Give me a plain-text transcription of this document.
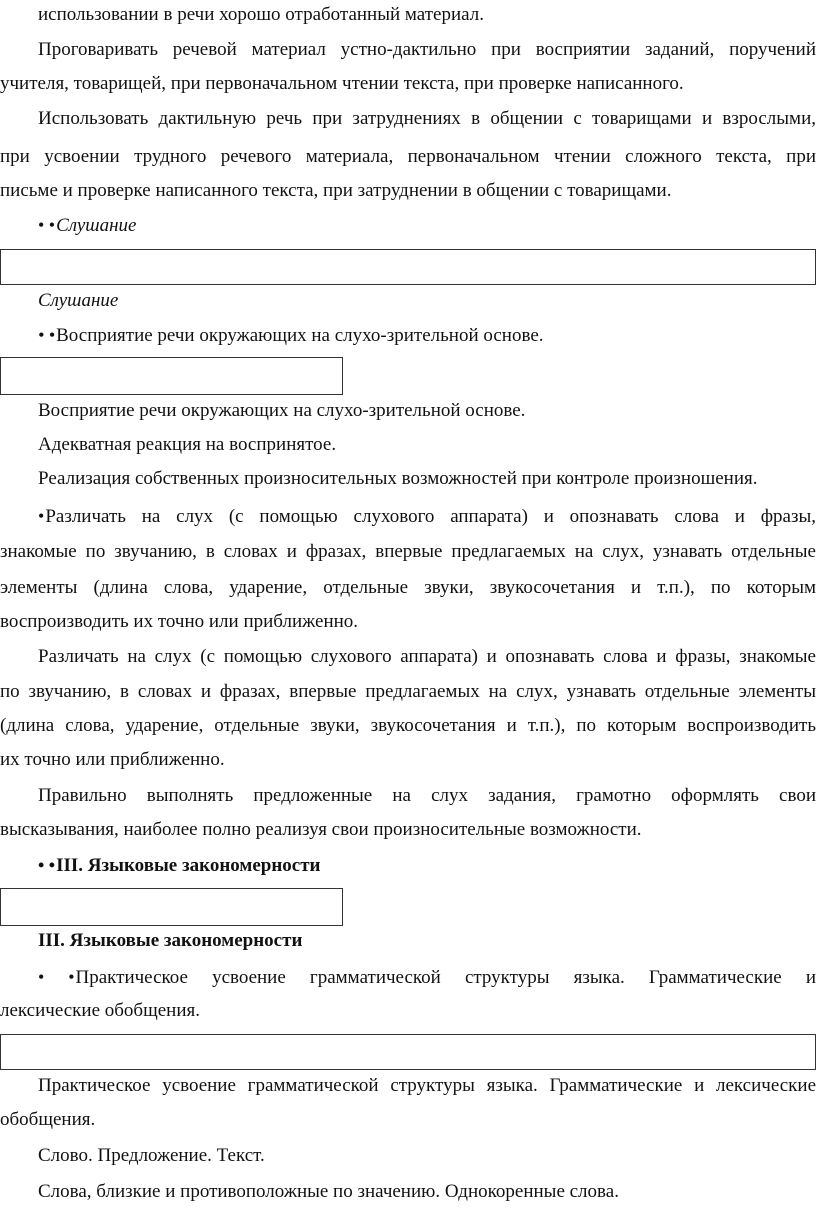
использовании в речи хорошо отработанный материал.
Проговаривать речевой материал устно-дактильно при восприятии заданий, поручений
учителя, товарищей, при первоначальном чтении текста, при проверке написанного.
Использовать дактильную речь при затруднениях в общении с товарищами и взрослыми,
при усвоении трудного речевого материала, первоначальном чтении сложного текста, при
письме и проверке написанного текста, при затруднении в общении с товарищами.
• •Слушание
Слушание
• •Восприятие речи окружающих на слухо-зрительной основе.
Восприятие речи окружающих на слухо-зрительной основе.
Адекватная реакция на воспринятое.
Реализация собственных произносительных возможностей при контроле произношения.
•Различать на слух (с помощью слухового аппарата) и опознавать слова и фразы,
знакомые по звучанию, в словах и фразах, впервые предлагаемых на слух, узнавать отдельные
элементы (длина слова, ударение, отдельные звуки, звукосочетания и т.п.), по которым
воспроизводить их точно или приближенно.
Различать на слух (с помощью слухового аппарата) и опознавать слова и фразы, знакомые
по звучанию, в словах и фразах, впервые предлагаемых на слух, узнавать отдельные элементы
(длина слова, ударение, отдельные звуки, звукосочетания и т.п.), по которым воспроизводить
их точно или приближенно.
Правильно выполнять предложенные на слух задания, грамотно оформлять свои
высказывания, наиболее полно реализуя свои произносительные возможности.
• •III. Языковые закономерности
III. Языковые закономерности
• •Практическое усвоение грамматической структуры языка. Грамматические и
лексические обобщения.
Практическое усвоение грамматической структуры языка. Грамматические и лексические
обобщения.
Слово. Предложение. Текст.
Слова, близкие и противоположные по значению. Однокоренные слова.
